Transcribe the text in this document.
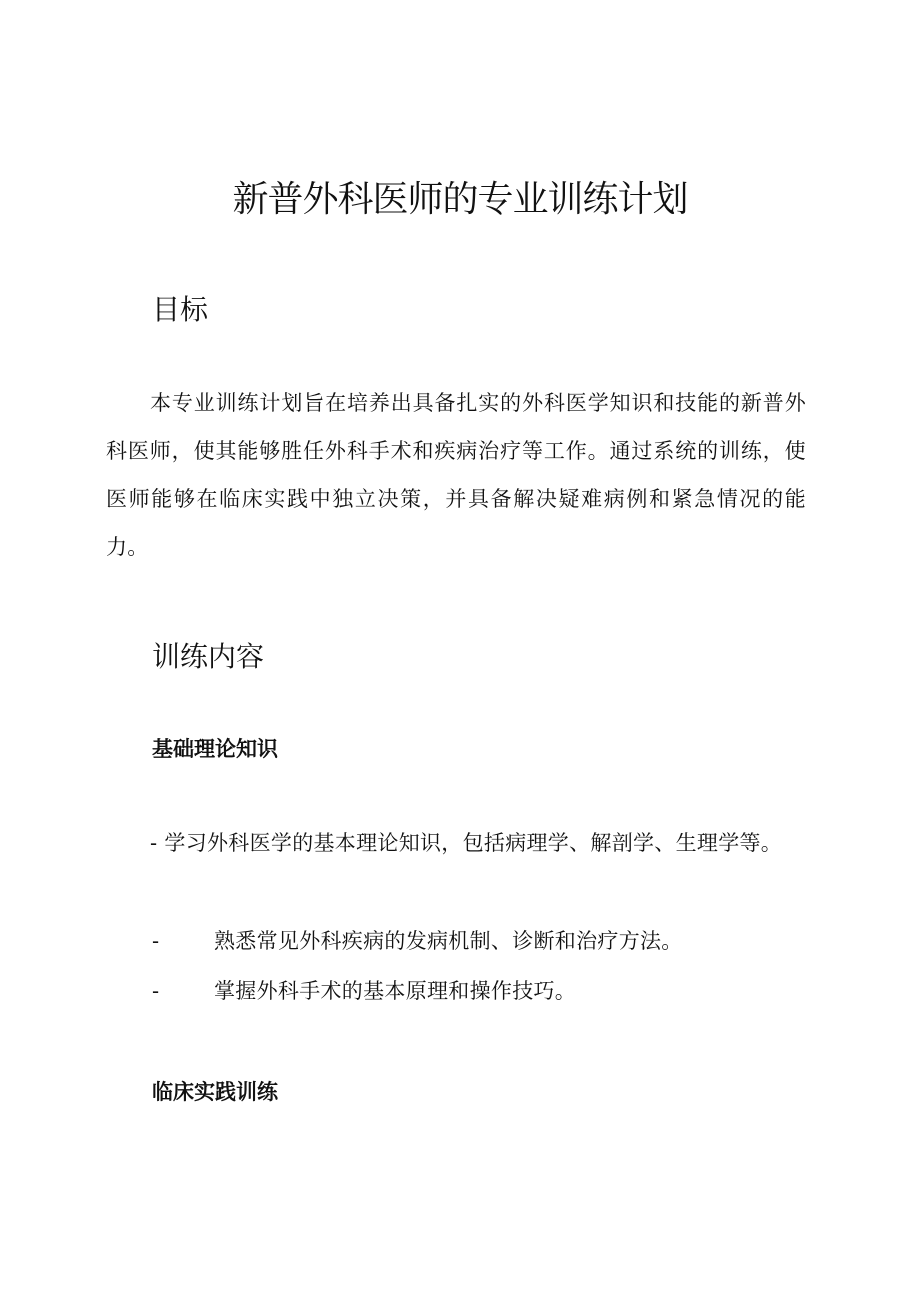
新普外科医师的专业训练计划
目标

本专业训练计划旨在培养出具备扎实的外科医学知识和技能的新普外科医师，使其能够胜任外科手术和疾病治疗等工作。通过系统的训练，使医师能够在临床实践中独立决策，并具备解决疑难病例和紧急情况的能力。

训练内容
基础理论知识

- 学习外科医学的基本理论知识，包括病理学、解剖学、生理学等。

-	熟悉常见外科疾病的发病机制、诊断和治疗方法。
-	掌握外科手术的基本原理和操作技巧。
临床实践训练
